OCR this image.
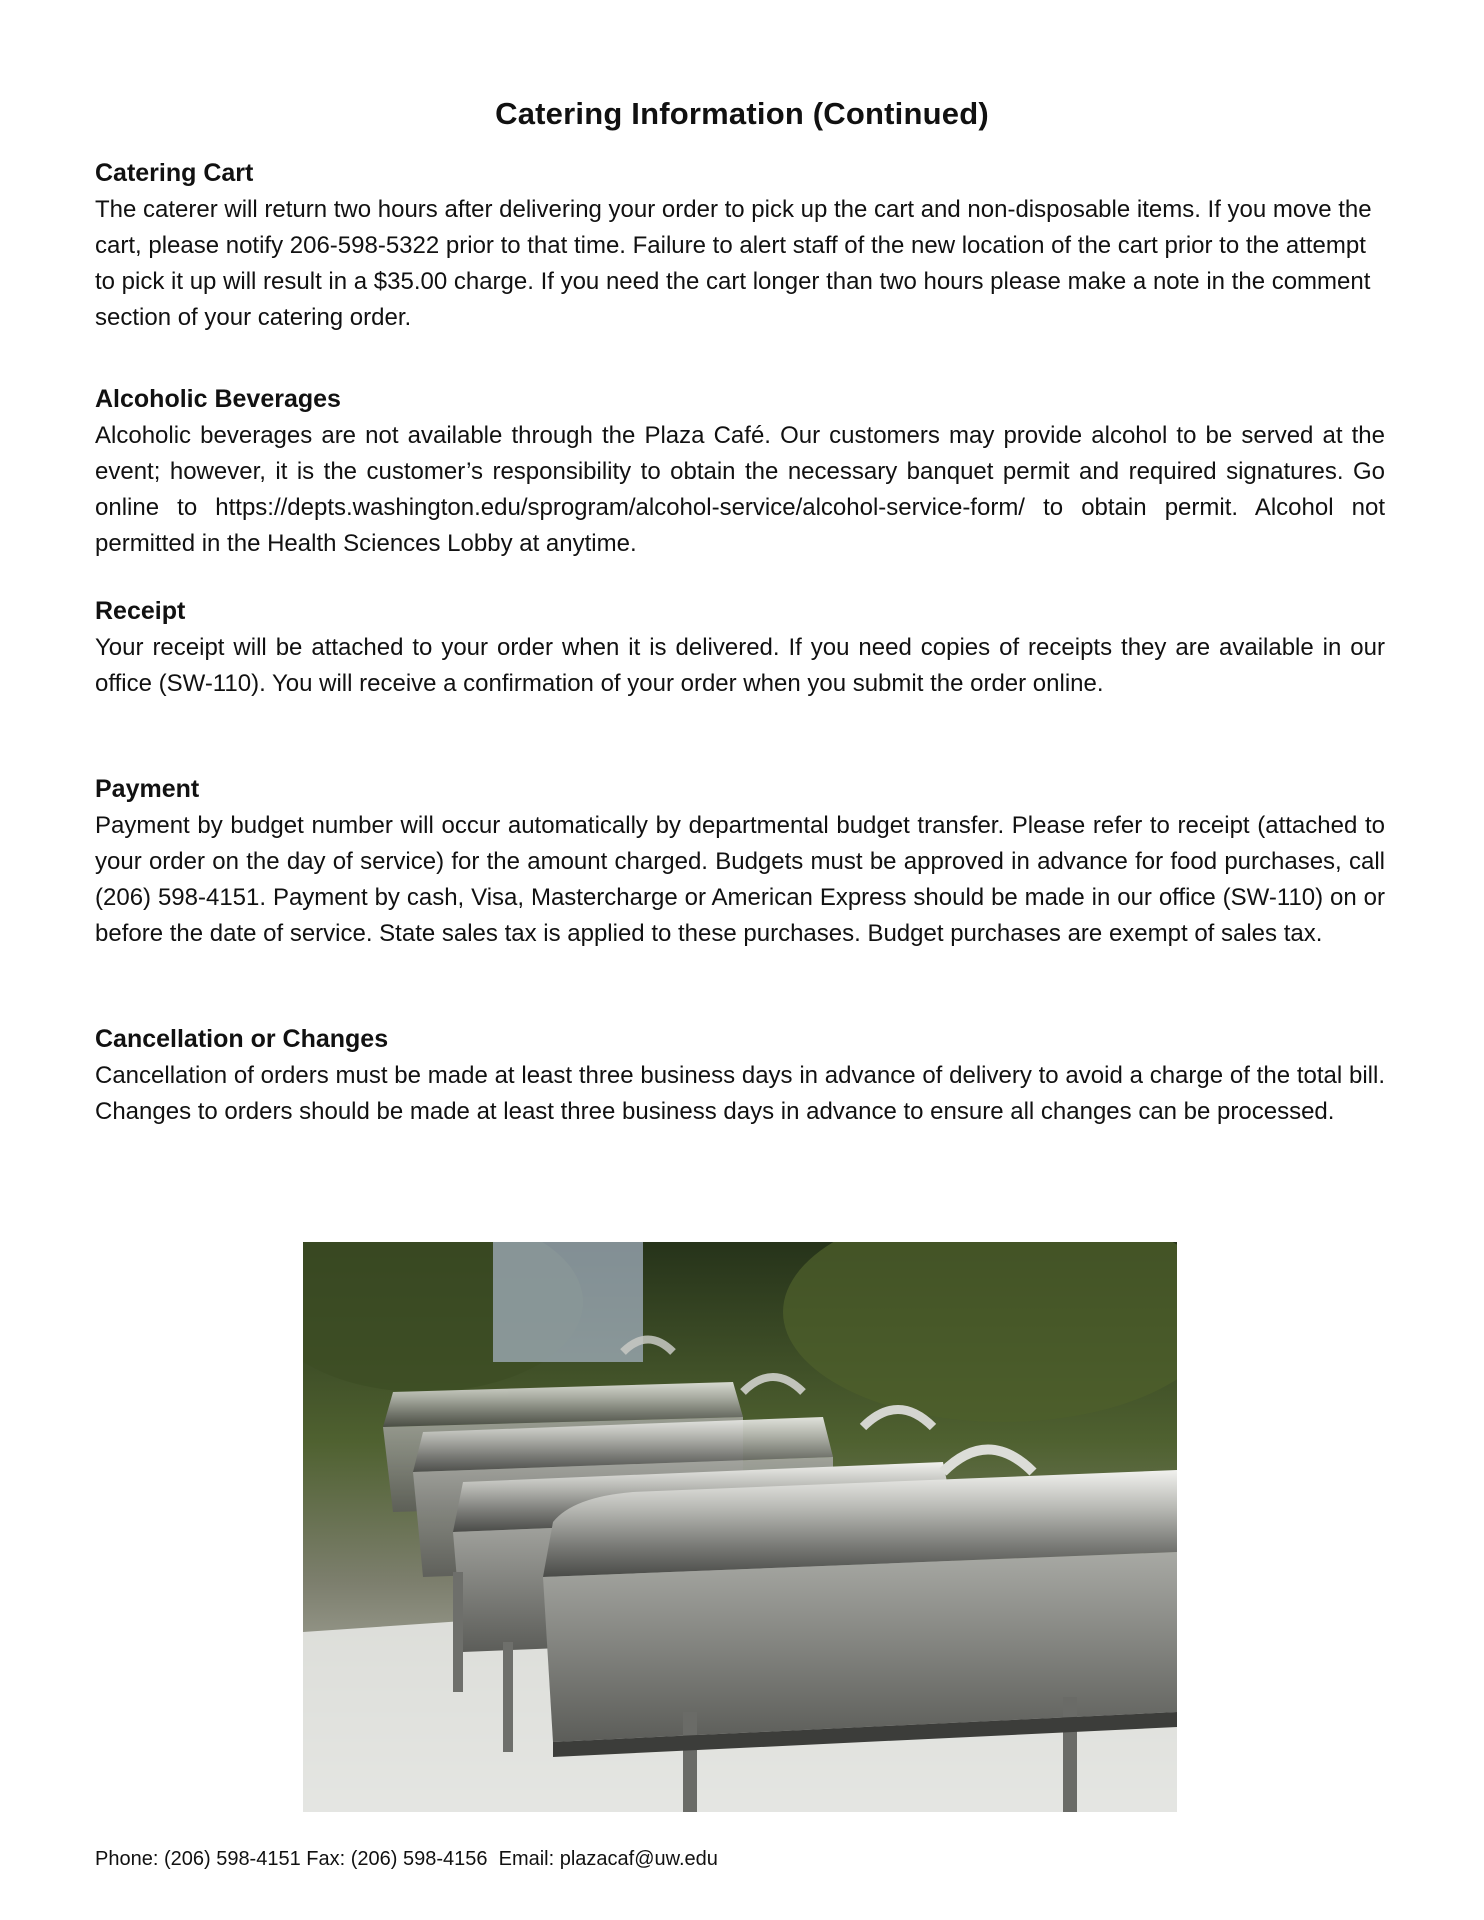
Catering Information (Continued)
Catering Cart

The caterer will return two hours after delivering your order to pick up the cart and non-disposable items. If you move the cart, please notify 206-598-5322 prior to that time. Failure to alert staff of the new location of the cart prior to the attempt to pick it up will result in a $35.00 charge. If you need the cart longer than two hours please make a note in the comment section of your catering order.

Alcoholic Beverages

Alcoholic beverages are not available through the Plaza Café. Our customers may provide alcohol to be served at the event; however, it is the customer’s responsibility to obtain the necessary banquet permit and required signatures. Go online to https://depts.washington.edu/sprogram/alcohol-service/alcohol-service-form/ to obtain permit. Alcohol not permitted in the Health Sciences Lobby at anytime.

Receipt

Your receipt will be attached to your order when it is delivered. If you need copies of receipts they are available in our office (SW-110). You will receive a confirmation of your order when you submit the order online.

Payment

Payment by budget number will occur automatically by departmental budget transfer. Please refer to receipt (attached to your order on the day of service) for the amount charged. Budgets must be approved in advance for food purchases, call (206) 598-4151. Payment by cash, Visa, Mastercharge or American Express should be made in our office (SW-110) on or before the date of service. State sales tax is applied to these purchases. Budget purchases are exempt of sales tax.

Cancellation or Changes

Cancellation of orders must be made at least three business days in advance of delivery to avoid a charge of the total bill. Changes to orders should be made at least three business days in advance to ensure all changes can be processed.

Phone: (206) 598-4151 Fax: (206) 598-4156  Email: plazacaf@uw.edu
